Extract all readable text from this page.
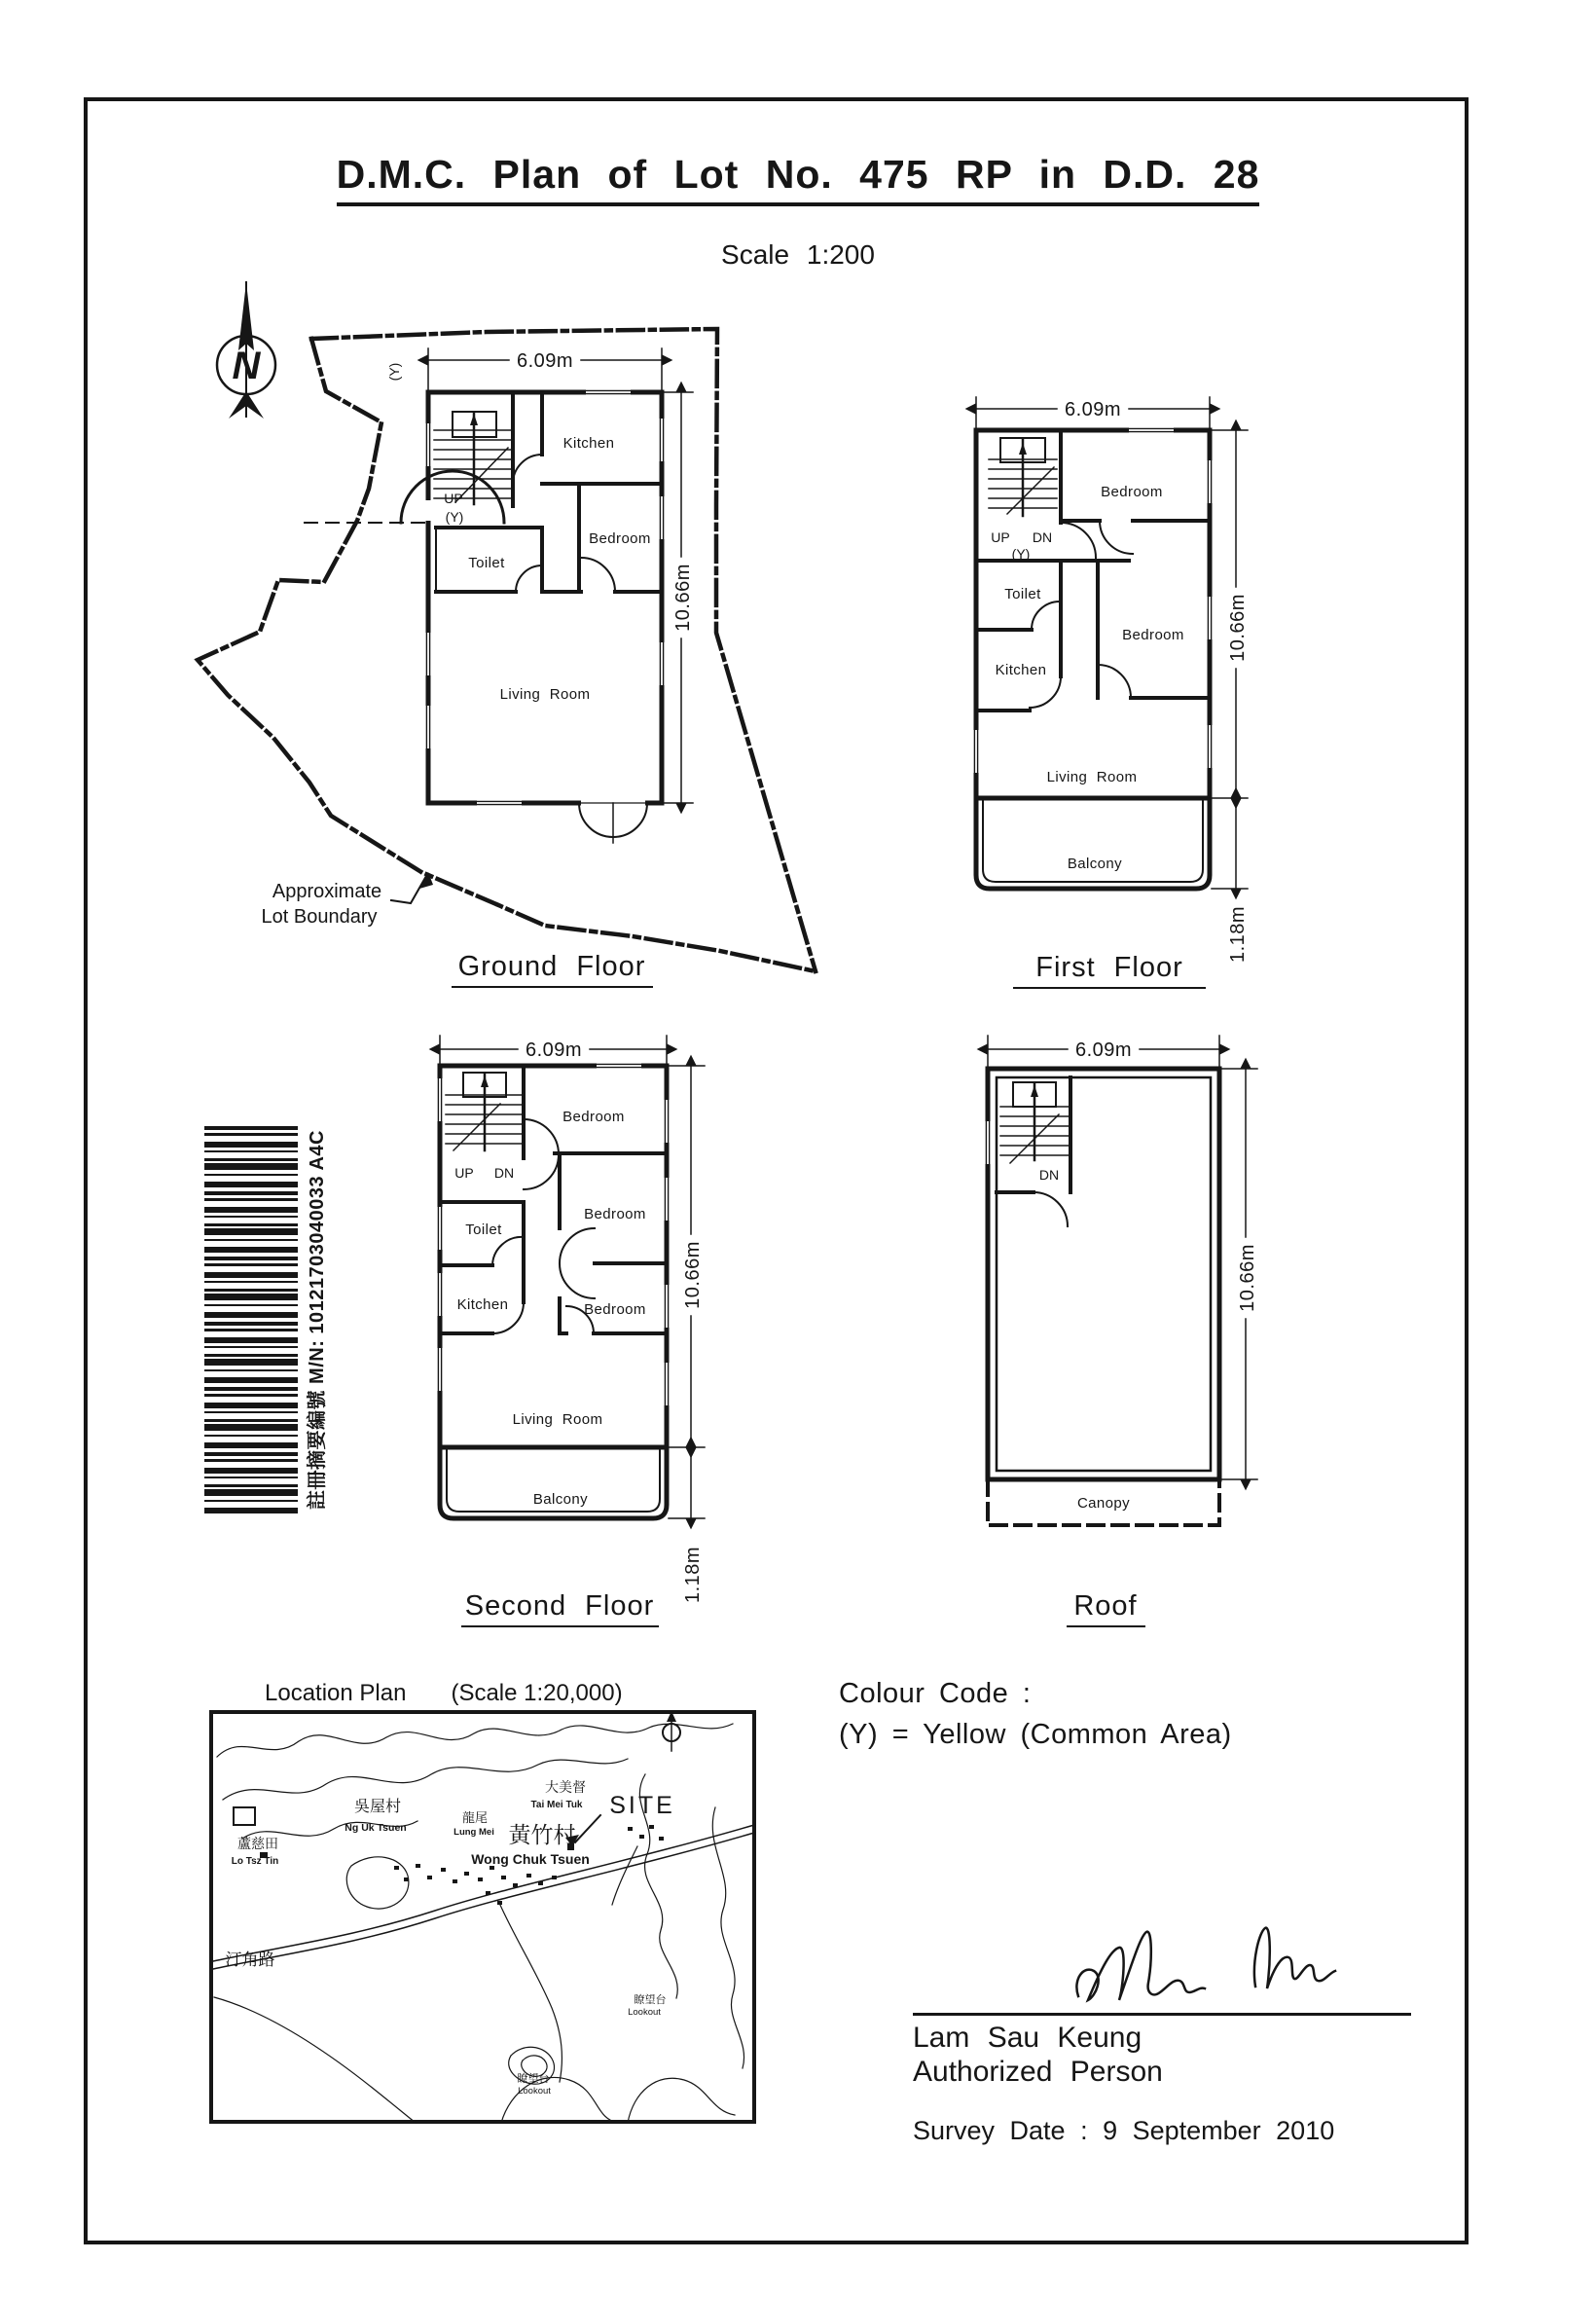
D.M.C. Plan of Lot No. 475 RP in D.D. 28
Scale 1:200
N	(Y)
UP
(Y)
Kitchen
Bedroom
Toilet
Living Room
6.09m
10.66m
Approximate
Lot Boundary
Ground Floor
UP DN
(Y)
Bedroom
Toilet
Bedroom
Kitchen
Living Room
Balcony
6.09m
10.66m
1.18m
First Floor
UP DN
Bedroom
Toilet
Bedroom
Kitchen	Bedroom
Living Room
Balcony
6.09m
10.66m
1.18m
Second Floor
DN
Canopy
6.09m
10.66m
Roof
註冊摘要編號 M/N: 10121703040033 A4C
Location Plan (Scale 1:20,000)
吳屋村
Ng Uk Tsuen
蘆慈田
Lo Tsz Tin
大美督
Tai Mei Tuk
龍尾
Lung Mei 黃竹村
Wong Chuk Tsuen
SITE
汀角路
瞭望台
Lookout
瞭望台
Lookout
Colour Code :
(Y) = Yellow (Common Area)
Lam Sau Keung
Authorized Person
Survey Date : 9 September 2010
